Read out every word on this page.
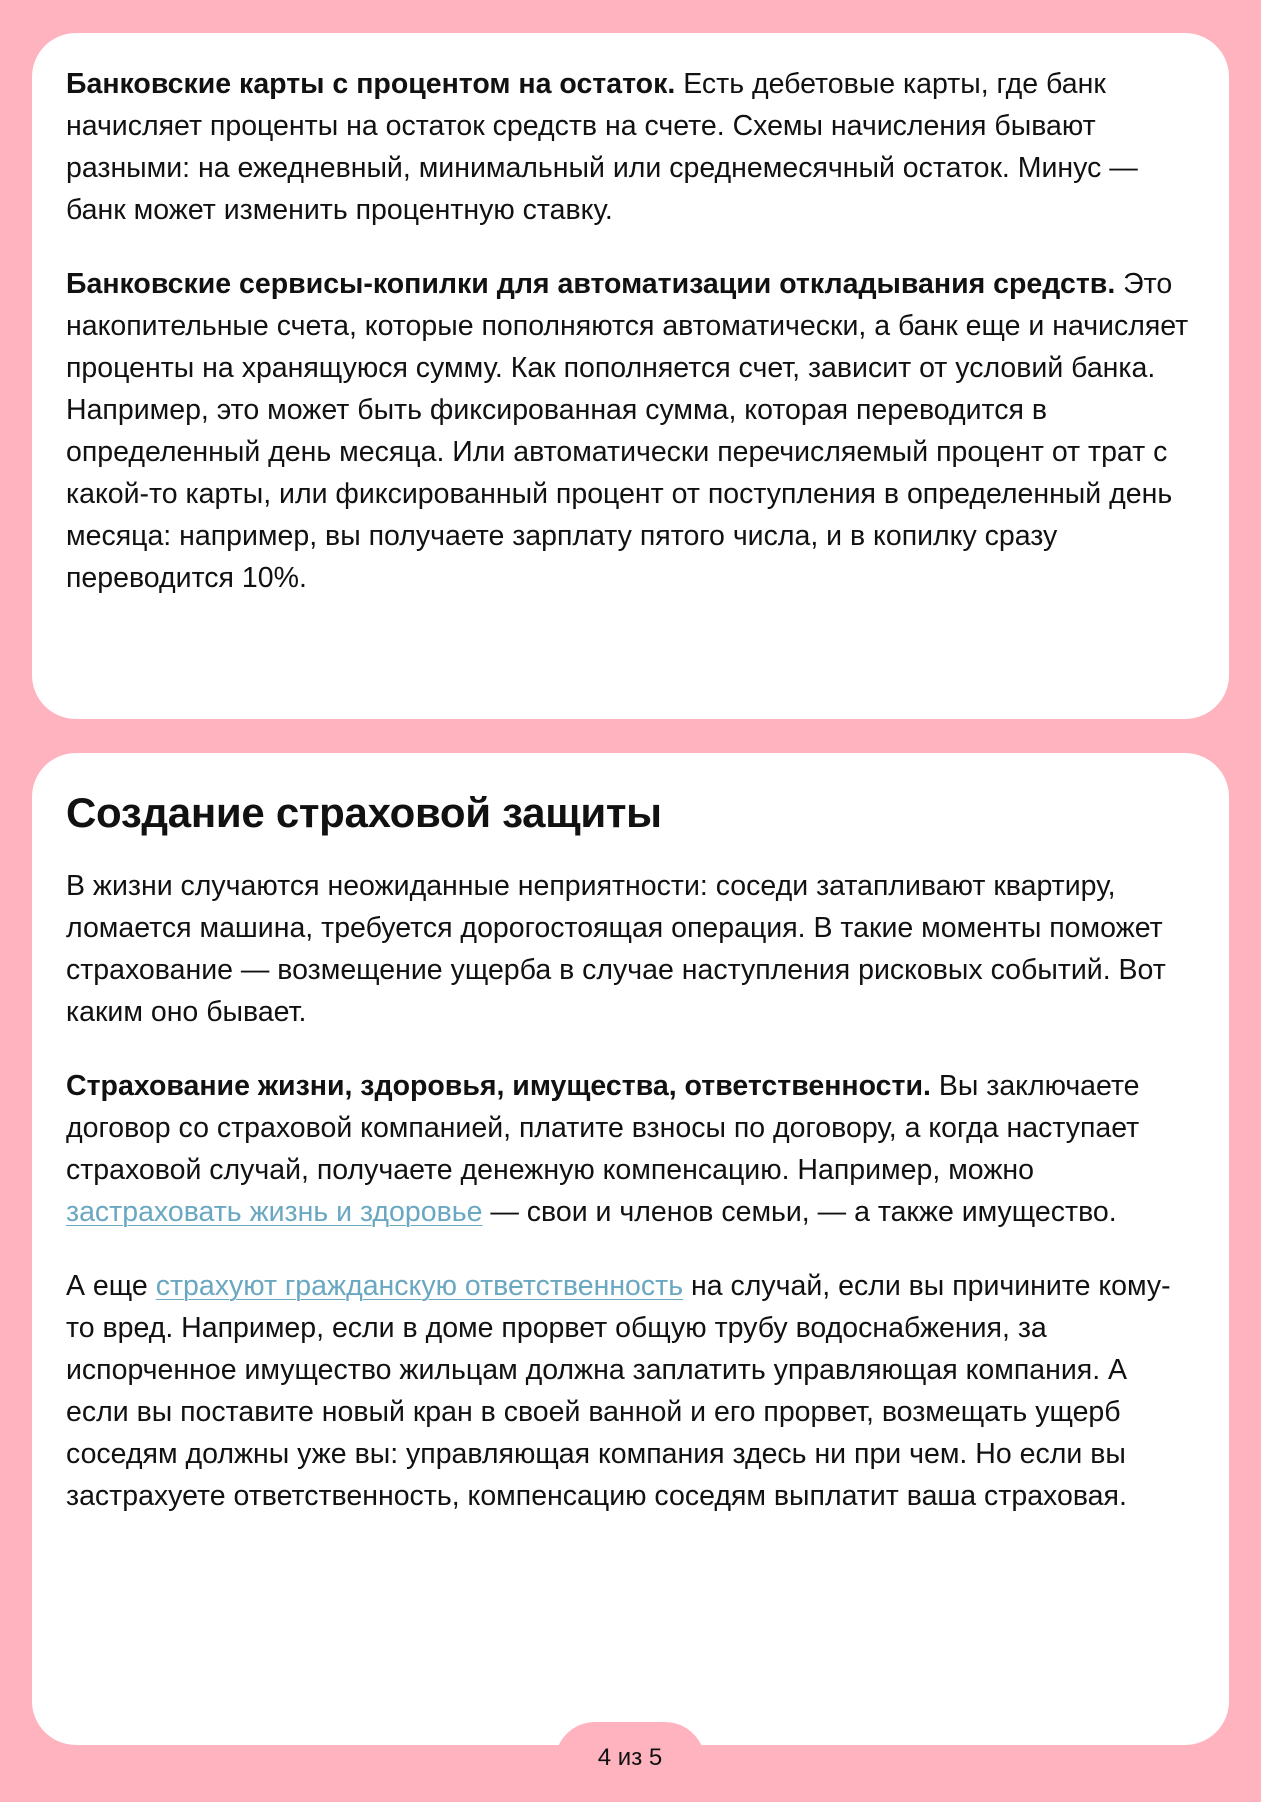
Банковские карты с процентом на остаток. Есть дебетовые карты, где банк начисляет проценты на остаток средств на счете. Схемы начисления бывают разными: на ежедневный, минимальный или среднемесячный остаток. Минус — банк может изменить процентную ставку.

Банковские сервисы-копилки для автоматизации откладывания средств. Это накопительные счета, которые пополняются автоматически, а банк еще и начисляет проценты на хранящуюся сумму. Как пополняется счет, зависит от условий банка. Например, это может быть фиксированная сумма, которая переводится в определенный день месяца. Или автоматически перечисляемый процент от трат с какой-то карты, или фиксированный процент от поступления в определенный день месяца: например, вы получаете зарплату пятого числа, и в копилку сразу переводится 10%.

Создание страховой защиты

В жизни случаются неожиданные неприятности: соседи затапливают квартиру, ломается машина, требуется дорогостоящая операция. В такие моменты поможет страхование — возмещение ущерба в случае наступления рисковых событий. Вот каким оно бывает.

Страхование жизни, здоровья, имущества, ответственности. Вы заключаете договор со страховой компанией, платите взносы по договору, а когда наступает страховой случай, получаете денежную компенсацию. Например, можно застраховать жизнь и здоровье — свои и членов семьи, — а также имущество.

А еще страхуют гражданскую ответственность на случай, если вы причините кому-то вред. Например, если в доме прорвет общую трубу водоснабжения, за испорченное имущество жильцам должна заплатить управляющая компания. А если вы поставите новый кран в своей ванной и его прорвет, возмещать ущерб соседям должны уже вы: управляющая компания здесь ни при чем. Но если вы застрахуете ответственность, компенсацию соседям выплатит ваша страховая.

4 из 5
